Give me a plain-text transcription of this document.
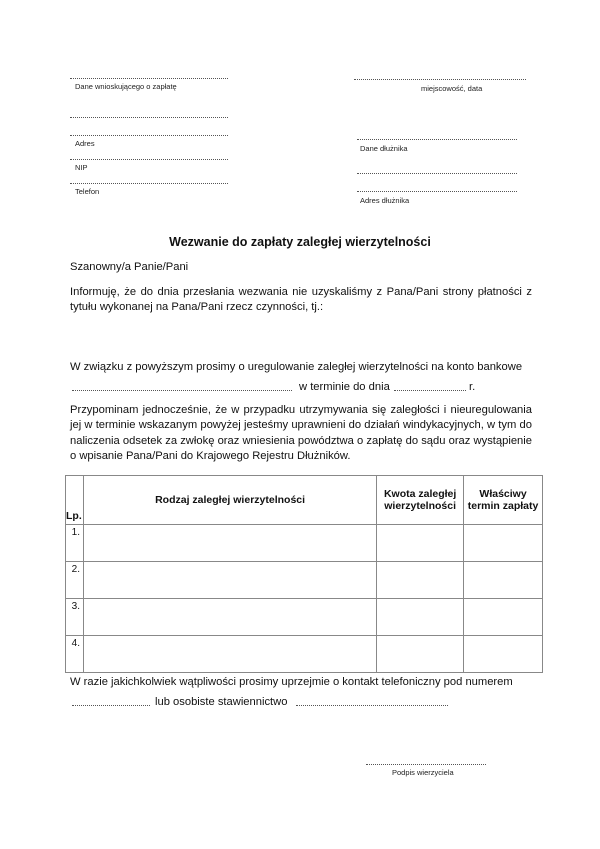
Dane wnioskującego o zapłatę
Adres
NIP
Telefon
miejscowość, data
Dane dłużnika
Adres dłużnika
Wezwanie do zapłaty zaległej wierzytelności
Szanowny/a Panie/Pani
Informuję, że do dnia przesłania wezwania nie uzyskaliśmy z Pana/Pani strony płatności z tytułu wykonanej na Pana/Pani rzecz czynności, tj.:
W związku z powyższym prosimy o uregulowanie zaległej wierzytelności na konto bankowe
w terminie do dnia	r.
Przypominam jednocześnie, że w przypadku utrzymywania się zaległości i nieuregulowania jej w terminie wskazanym powyżej jesteśmy uprawnieni do działań windykacyjnych, w tym do naliczenia odsetek za zwłokę oraz wniesienia powództwa o zapłatę do sądu oraz wystąpienie o wpisanie Pana/Pani do Krajowego Rejestru Dłużników.
Lp.	Rodzaj zaległej wierzytelności	Kwota zaległej wierzytelności	Właściwy termin zapłaty
1.			
2.			
3.			
4.			
W razie jakichkolwiek wątpliwości prosimy uprzejmie o kontakt telefoniczny pod numerem
lub osobiste stawiennictwo
Podpis wierzyciela
